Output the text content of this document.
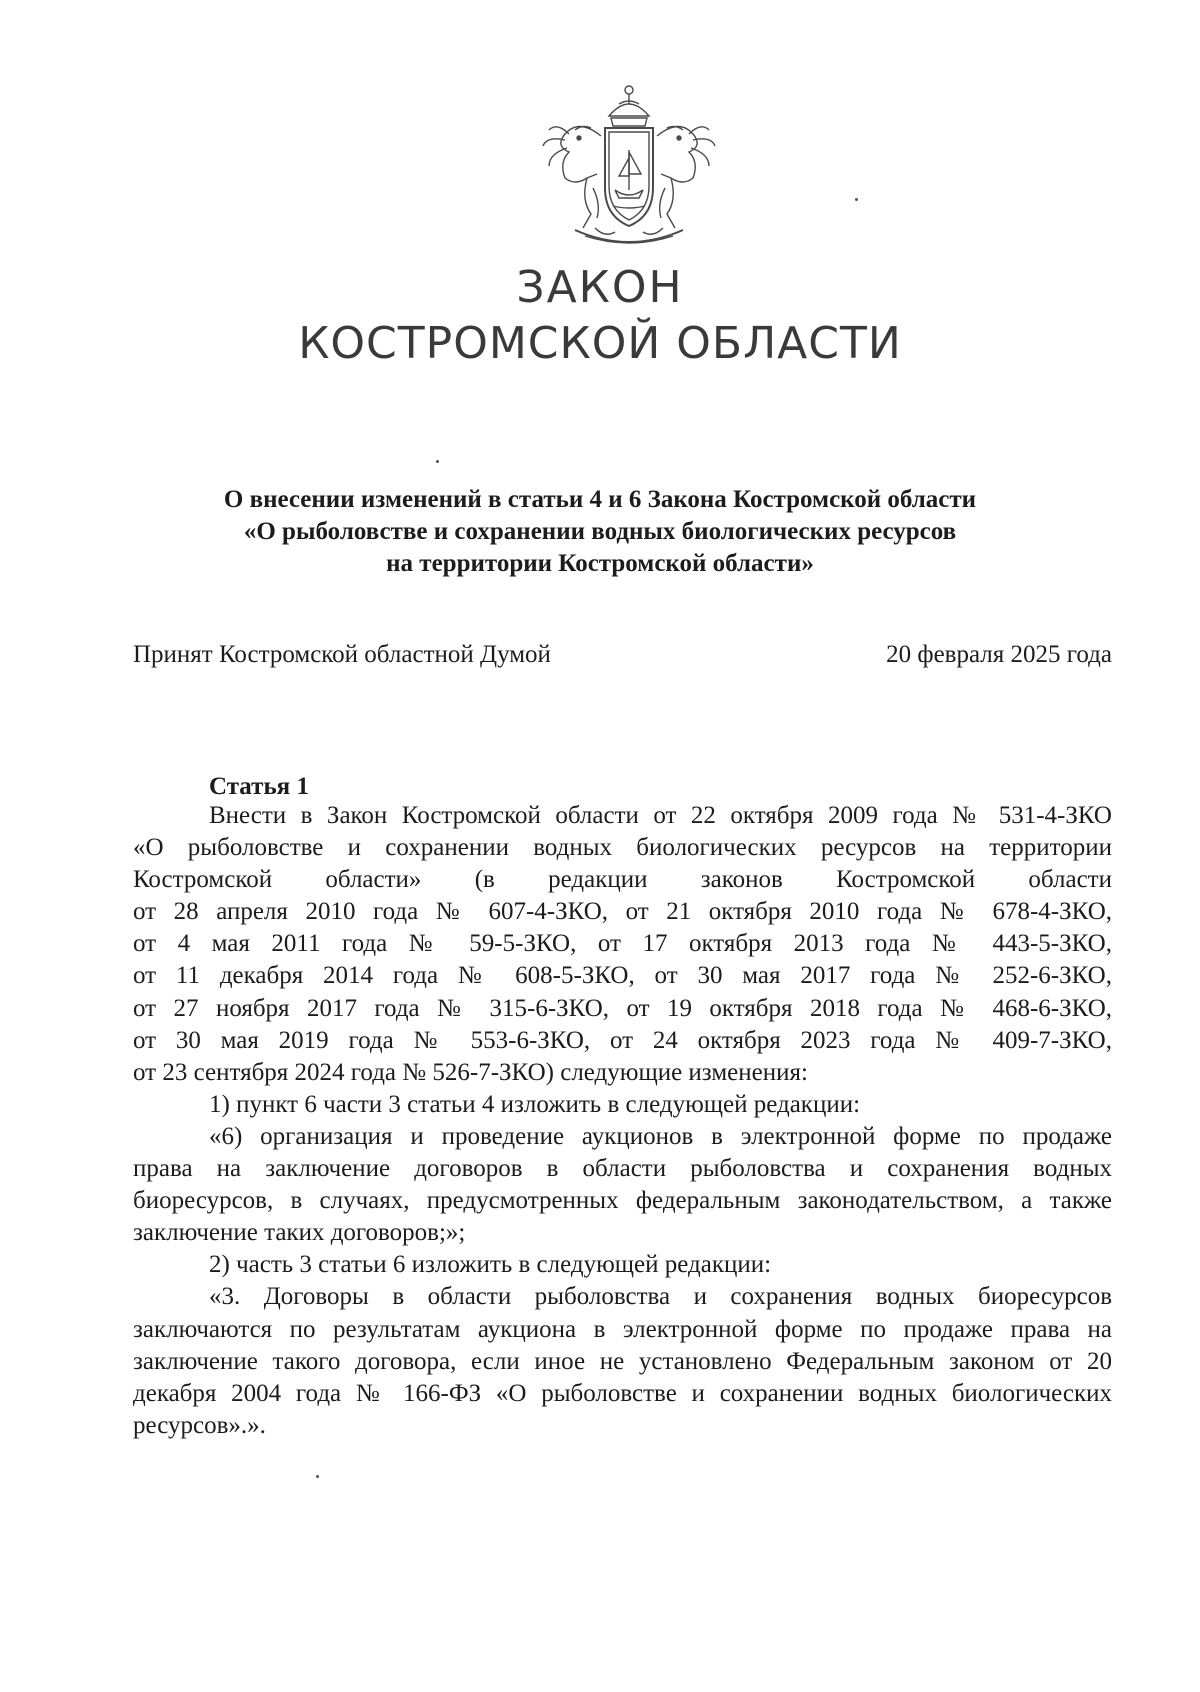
ЗАКОН
КОСТРОМСКОЙ ОБЛАСТИ
О внесении изменений в статьи 4 и 6 Закона Костромской области
«О рыболовстве и сохранении водных биологических ресурсов
на территории Костромской области»
Принят Костромской областной Думой	20 февраля 2025 года
Статья 1
Внести в Закон Костромской области от 22 октября 2009 года № 531-4-ЗКО
«О рыболовстве и сохранении водных биологических ресурсов на территории
Костромской области» (в редакции законов Костромской области
от 28 апреля 2010 года № 607-4-ЗКО, от 21 октября 2010 года № 678-4-ЗКО,
от 4 мая 2011 года № 59-5-ЗКО, от 17 октября 2013 года № 443-5-ЗКО,
от 11 декабря 2014 года № 608-5-ЗКО, от 30 мая 2017 года № 252-6-ЗКО,
от 27 ноября 2017 года № 315-6-ЗКО, от 19 октября 2018 года № 468-6-ЗКО,
от 30 мая 2019 года № 553-6-ЗКО, от 24 октября 2023 года № 409-7-ЗКО,
от 23 сентября 2024 года № 526-7-ЗКО) следующие изменения:
1) пункт 6 части 3 статьи 4 изложить в следующей редакции:
«6) организация и проведение аукционов в электронной форме по продаже
права на заключение договоров в области рыболовства и сохранения водных
биоресурсов, в случаях, предусмотренных федеральным законодательством, а также
заключение таких договоров;»;
2) часть 3 статьи 6 изложить в следующей редакции:
«3. Договоры в области рыболовства и сохранения водных биоресурсов
заключаются по результатам аукциона в электронной форме по продаже права на
заключение такого договора, если иное не установлено Федеральным законом от 20
декабря 2004 года № 166-ФЗ «О рыболовстве и сохранении водных биологических
ресурсов».».
